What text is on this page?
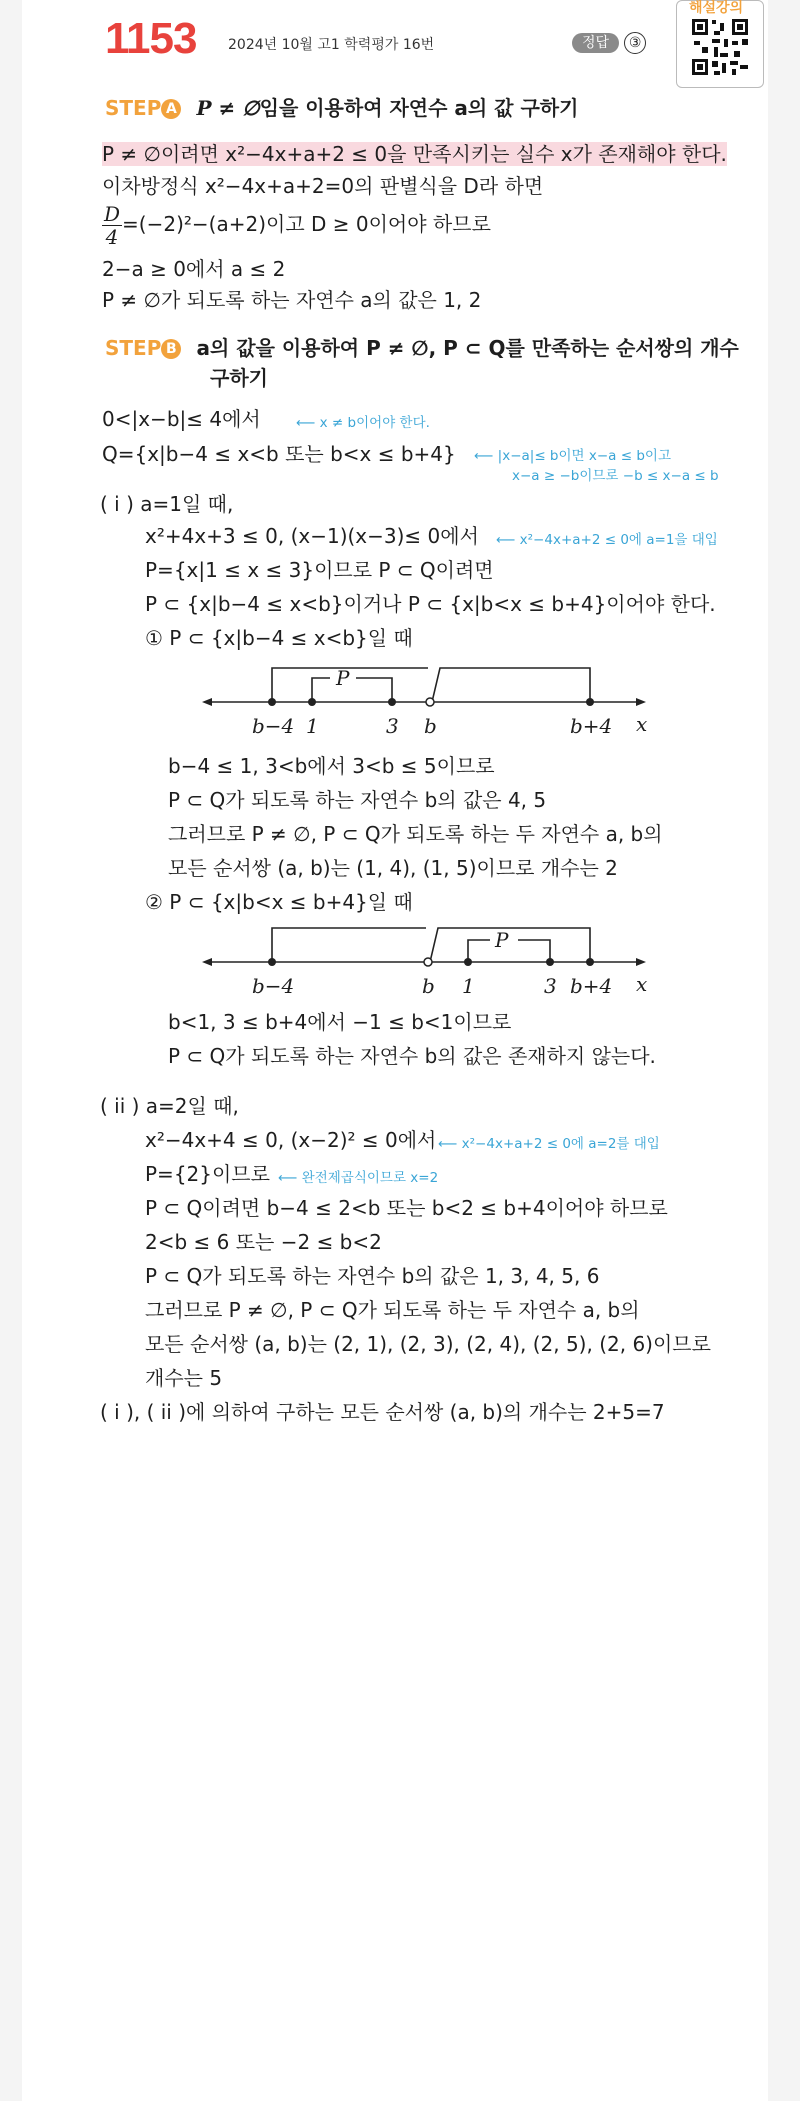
1153 2024년 10월 고1 학력평가 16번	정답 ③
해설강의
STEP A P ≠ ∅임을 이용하여 자연수 a의 값 구하기
P ≠ ∅이려면 x²−4x+a+2 ≤ 0을 만족시키는 실수 x가 존재해야 한다.
이차방정식 x²−4x+a+2=0의 판별식을 D라 하면
$\frac{D}{4} =(-2)^2-(a+2)$이고 D ≥ 0이어야 하므로
2−a ≥ 0에서 a ≤ 2
P ≠ ∅가 되도록 하는 자연수 a의 값은 1, 2
STEP B a의 값을 이용하여 P ≠ ∅, P ⊂ Q를 만족하는 순서쌍의 개수
구하기
0<|x−b|≤ 4에서	⟵ x ≠ b이어야 한다.
Q={x|b−4 ≤ x<b 또는 b<x ≤ b+4} ⟵ |x−a|≤ b이면 x−a ≤ b이고
x−a ≥ −b이므로 −b ≤ x−a ≤ b
( i ) a=1일 때,
x²+4x+3 ≤ 0, (x−1)(x−3)≤ 0에서 ⟵ x²−4x+a+2 ≤ 0에 a=1을 대입
P={x|1 ≤ x ≤ 3}이므로 P ⊂ Q이려면
P ⊂ {x|b−4 ≤ x<b}이거나 P ⊂ {x|b<x ≤ b+4}이어야 한다.
① P ⊂ {x|b−4 ≤ x<b}일 때
P
b−4 1	3 b	b+4 x
b−4 ≤ 1, 3<b에서 3<b ≤ 5이므로
P ⊂ Q가 되도록 하는 자연수 b의 값은 4, 5
그러므로 P ≠ ∅, P ⊂ Q가 되도록 하는 두 자연수 a, b의
모든 순서쌍 (a, b)는 (1, 4), (1, 5)이므로 개수는 2
② P ⊂ {x|b<x ≤ b+4}일 때
P
b−4	b 1	3 b+4 x
b<1, 3 ≤ b+4에서 −1 ≤ b<1이므로
P ⊂ Q가 되도록 하는 자연수 b의 값은 존재하지 않는다.
( ii ) a=2일 때,
x²−4x+4 ≤ 0, (x−2)² ≤ 0에서 ⟵ x²−4x+a+2 ≤ 0에 a=2를 대입
P={2}이므로 ⟵ 완전제곱식이므로 x=2
P ⊂ Q이려면 b−4 ≤ 2<b 또는 b<2 ≤ b+4이어야 하므로
2<b ≤ 6 또는 −2 ≤ b<2
P ⊂ Q가 되도록 하는 자연수 b의 값은 1, 3, 4, 5, 6
그러므로 P ≠ ∅, P ⊂ Q가 되도록 하는 두 자연수 a, b의
모든 순서쌍 (a, b)는 (2, 1), (2, 3), (2, 4), (2, 5), (2, 6)이므로
개수는 5
( i ), ( ii )에 의하여 구하는 모든 순서쌍 (a, b)의 개수는 2+5=7
